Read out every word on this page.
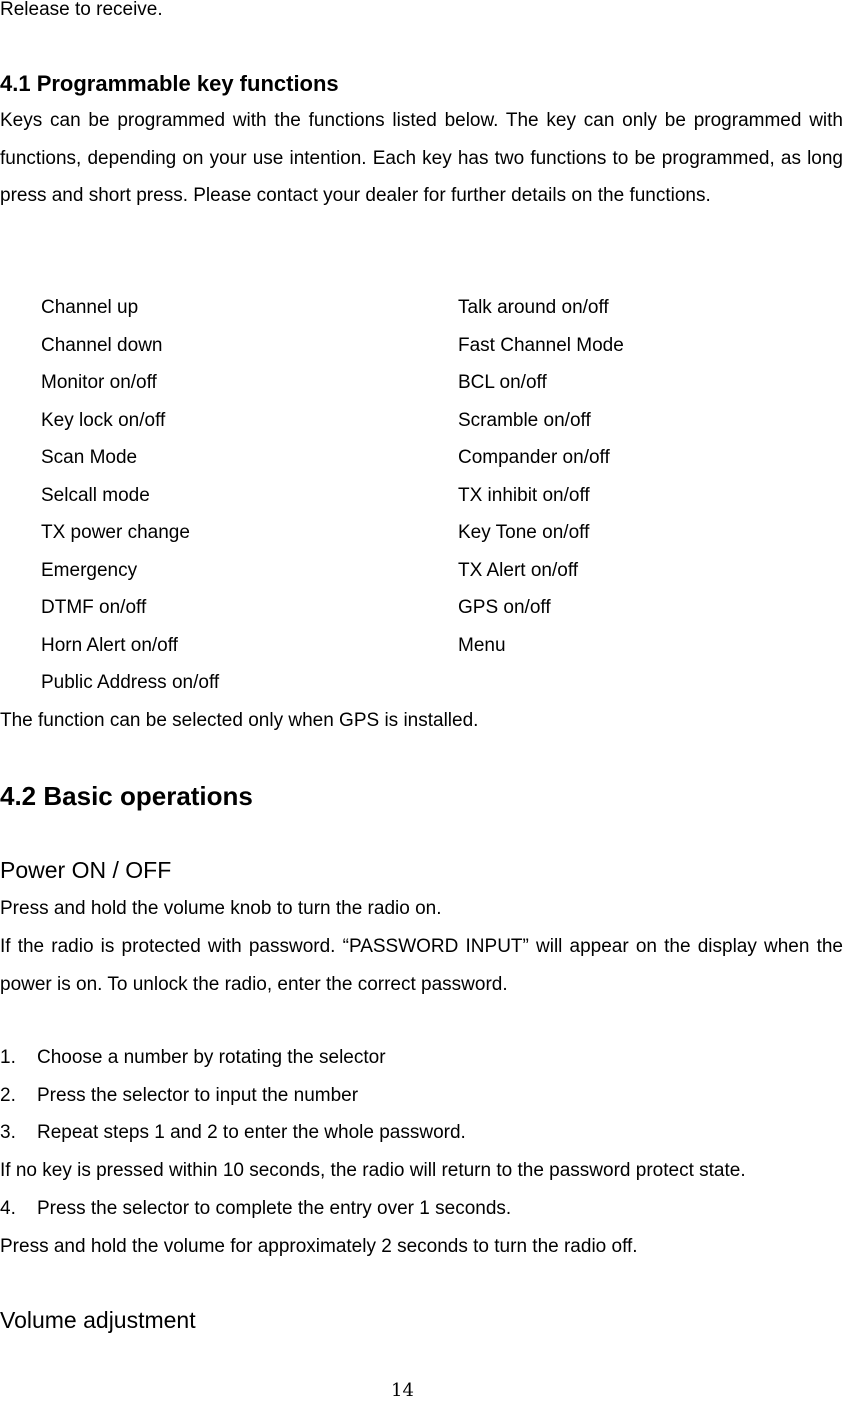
Release to receive.
4.1 Programmable key functions
Keys can be programmed with the functions listed below. The key can only be programmed with functions, depending on your use intention. Each key has two functions to be programmed, as long press and short press. Please contact your dealer for further details on the functions.
Channel up
Channel down
Monitor on/off
Key lock on/off
Scan Mode
Selcall mode
TX power change
Emergency
DTMF on/off
Horn Alert on/off
Public Address on/off
Talk around on/off
Fast Channel Mode
BCL on/off
Scramble on/off
Compander on/off
TX inhibit on/off
Key Tone on/off
TX Alert on/off
GPS on/off
Menu
The function can be selected only when GPS is installed.
4.2 Basic operations
Power ON / OFF
Press and hold the volume knob to turn the radio on.
If the radio is protected with password. “PASSWORD INPUT” will appear on the display when the power is on. To unlock the radio, enter the correct password.
1. Choose a number by rotating the selector
2. Press the selector to input the number
3. Repeat steps 1 and 2 to enter the whole password.
If no key is pressed within 10 seconds, the radio will return to the password protect state.
4. Press the selector to complete the entry over 1 seconds.
Press and hold the volume for approximately 2 seconds to turn the radio off.
Volume adjustment
14
